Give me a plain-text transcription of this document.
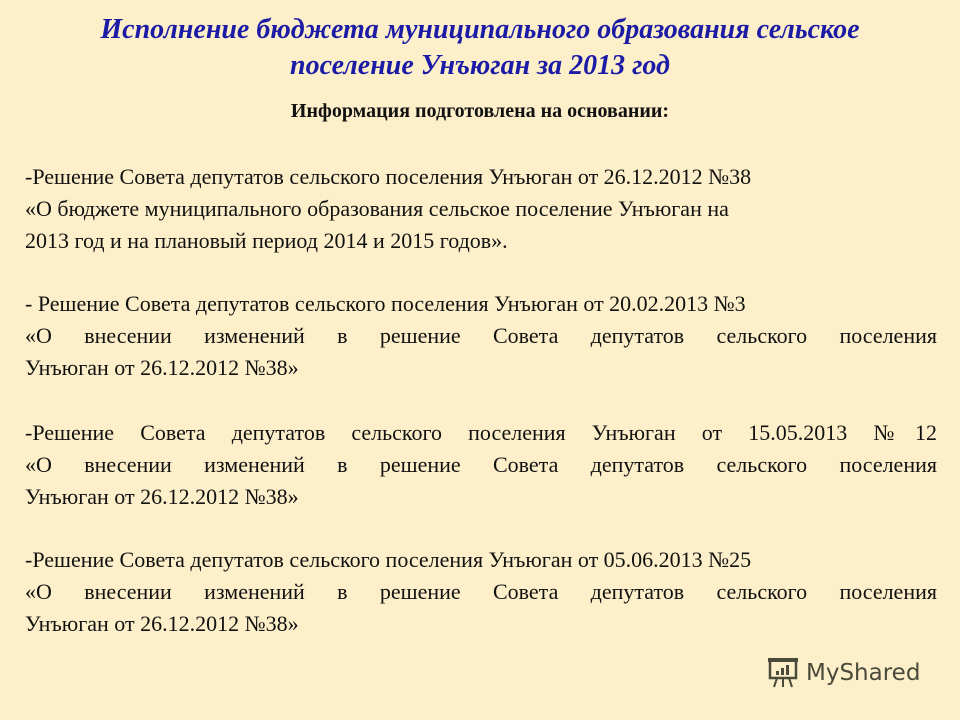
Исполнение бюджета муниципального образования сельское
поселение Унъюган за 2013 год
Информация подготовлена на основании:
-Решение Совета депутатов сельского поселения Унъюган от 26.12.2012 №38
«О бюджете муниципального образования сельское поселение Унъюган на
2013 год и на плановый период 2014 и 2015 годов».
- Решение Совета депутатов сельского поселения Унъюган от 20.02.2013 №3
«О внесении изменений в решение Совета депутатов сельского поселения
Унъюган от 26.12.2012 №38»
-Решение Совета депутатов сельского поселения Унъюган от 15.05.2013 №12
«О внесении изменений в решение Совета депутатов сельского поселения
Унъюган от 26.12.2012 №38»
-Решение Совета депутатов сельского поселения Унъюган от 05.06.2013 №25
«О внесении изменений в решение Совета депутатов сельского поселения
Унъюган от 26.12.2012 №38»
MyShared
